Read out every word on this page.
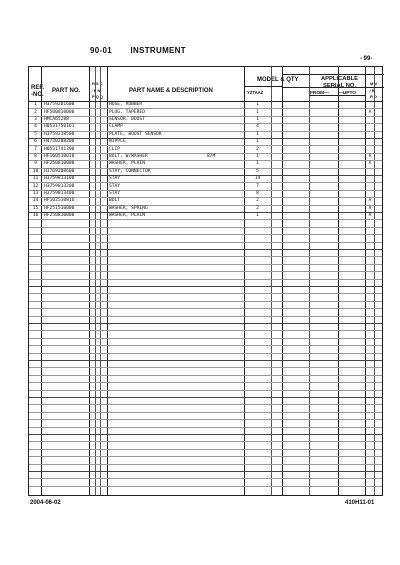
90-01 INSTRUMENT
- 99-
REF.
-NO.
PART NO.
R S C
∕ E N
P Q Q
PART NAME & DESCRIPTION
MODEL & QTY
YZTAAZ
APPLICABLE
SERIAL NO.
FROM— —UPTO
M V
∕ R
R D
1	H3759201600	HOSE, RUBBER	1
2	HF500810000	PLUG, TAPERED	1	A
3	HMCA65288	SENSOR, BOOST	1
4	H0531750161	CLAMP	4
5	H3759218500	PLATE, BOOST SENSOR	1
6	H4730208200	NIPPLE	1
7	H0531741390	CLIP	2
8	HF160510010	BOLT, W/WASHER	8/M	1	A
9	HF250810000	WASHER, PLAIN	1	A
10	H3769208600	STAY, CONNECTOR	5
11	H3759813100	STAY	14
12	H3759813200	STAY	7
13	H3759813400	STAY	8
14	HF102510816	BOLT	2	A
15	HF251510000	WASHER, SPRING	2	A
16	HF250810000	WASHER, PLAIN	1	A
2004-06-02	410H11-01
